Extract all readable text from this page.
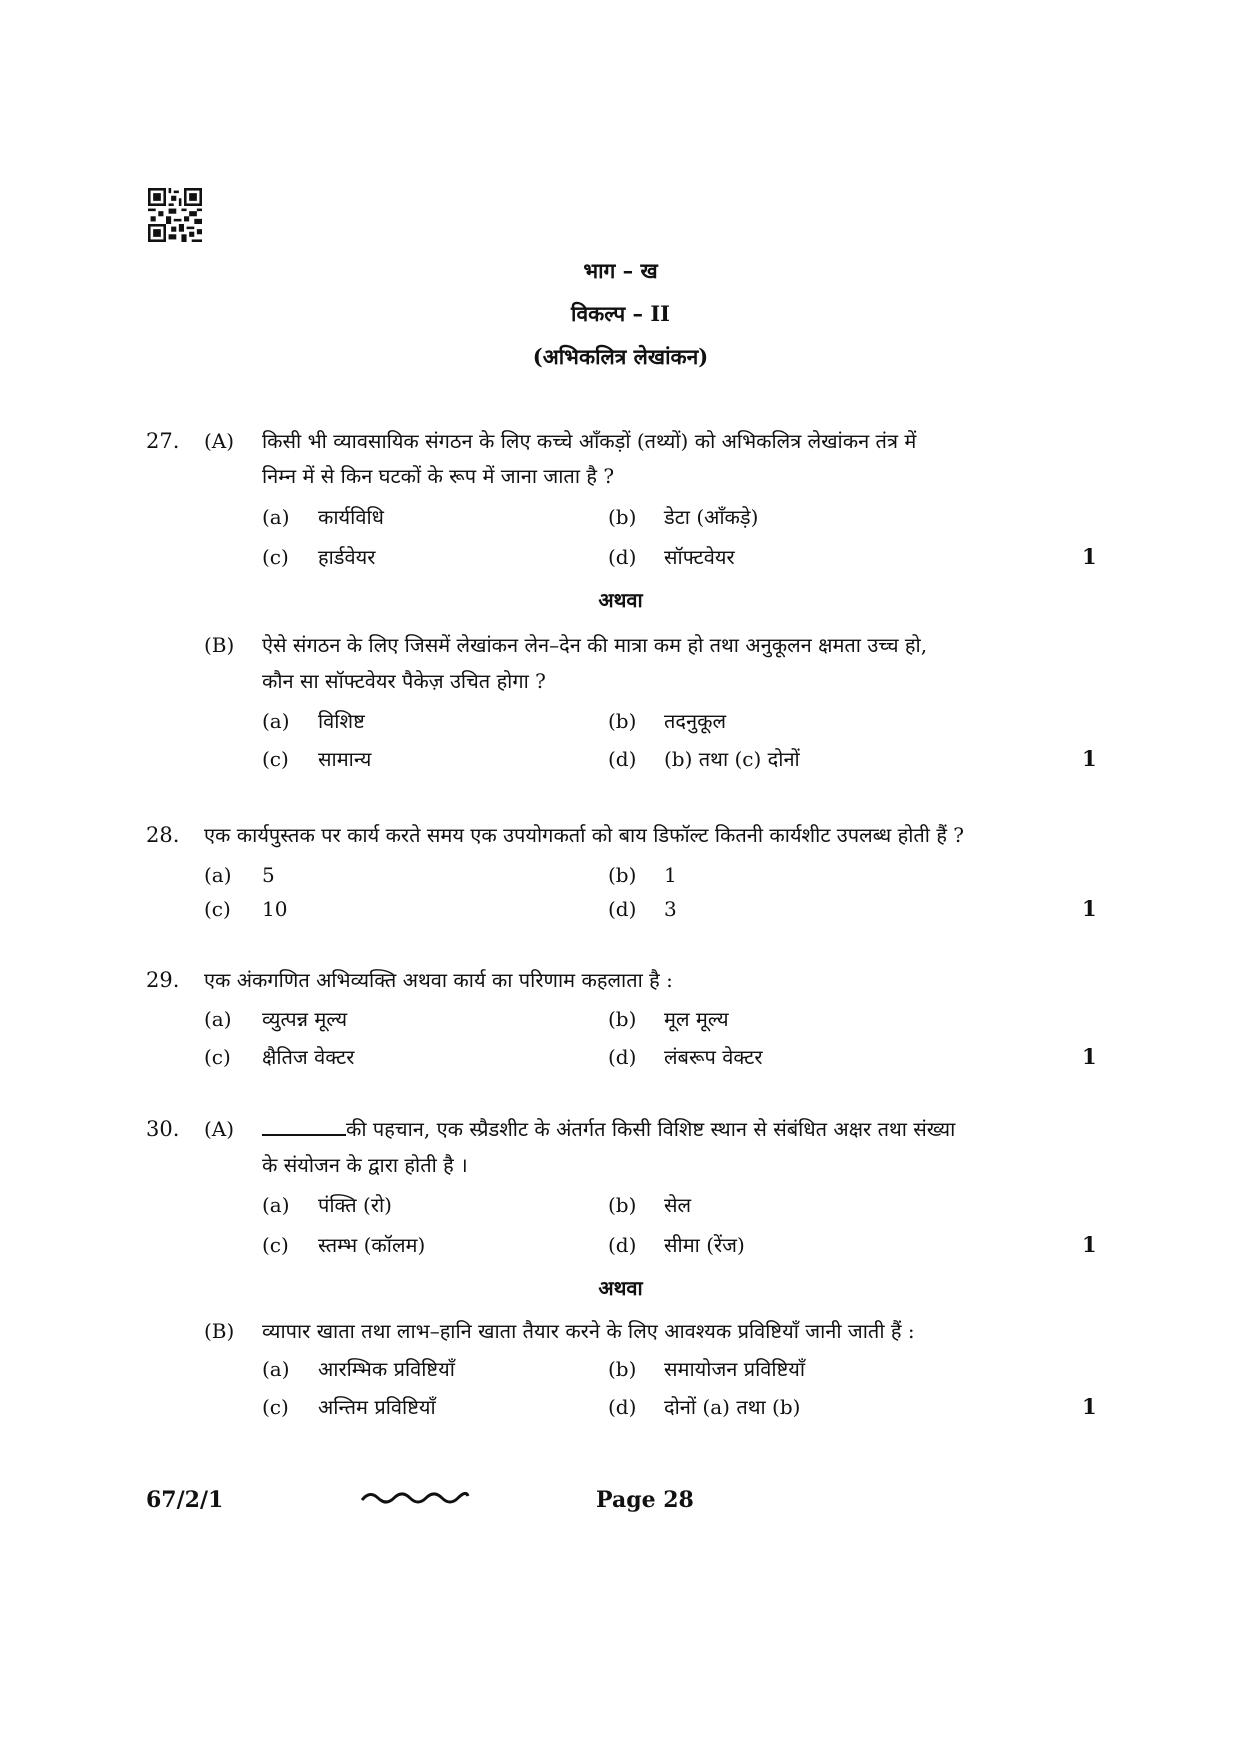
भाग – ख
विकल्प – II
(अभिकलित्र लेखांकन)
27. (A) किसी भी व्यावसायिक संगठन के लिए कच्चे आँकड़ों (तथ्यों) को अभिकलित्र लेखांकन तंत्र में
निम्न में से किन घटकों के रूप में जाना जाता है ?
(a) कार्यविधि	(b) डेटा (आँकड़े)
(c) हार्डवेयर	(d) सॉफ्टवेयर	1
अथवा
(B) ऐसे संगठन के लिए जिसमें लेखांकन लेन–देन की मात्रा कम हो तथा अनुकूलन क्षमता उच्च हो,
कौन सा सॉफ्टवेयर पैकेज़ उचित होगा ?
(a) विशिष्ट	(b) तदनुकूल
(c) सामान्य	(d) (b) तथा (c) दोनों	1
28. एक कार्यपुस्तक पर कार्य करते समय एक उपयोगकर्ता को बाय डिफॉल्ट कितनी कार्यशीट उपलब्ध होती हैं ?
(a) 5	(b) 1
(c) 10	(d) 3	1
29. एक अंकगणित अभिव्यक्ति अथवा कार्य का परिणाम कहलाता है :
(a) व्युत्पन्न मूल्य	(b) मूल मूल्य
(c) क्षैतिज वेक्टर	(d) लंबरूप वेक्टर	1
30. (A)	की पहचान, एक स्प्रैडशीट के अंतर्गत किसी विशिष्ट स्थान से संबंधित अक्षर तथा संख्या
के संयोजन के द्वारा होती है ।
(a) पंक्ति (रो)	(b) सेल
(c) स्तम्भ (कॉलम)	(d) सीमा (रेंज)	1
अथवा
(B) व्यापार खाता तथा लाभ–हानि खाता तैयार करने के लिए आवश्यक प्रविष्टियाँ जानी जाती हैं :
(a) आरम्भिक प्रविष्टियाँ	(b) समायोजन प्रविष्टियाँ
(c) अन्तिम प्रविष्टियाँ	(d) दोनों (a) तथा (b)	1
67/2/1	Page 28
